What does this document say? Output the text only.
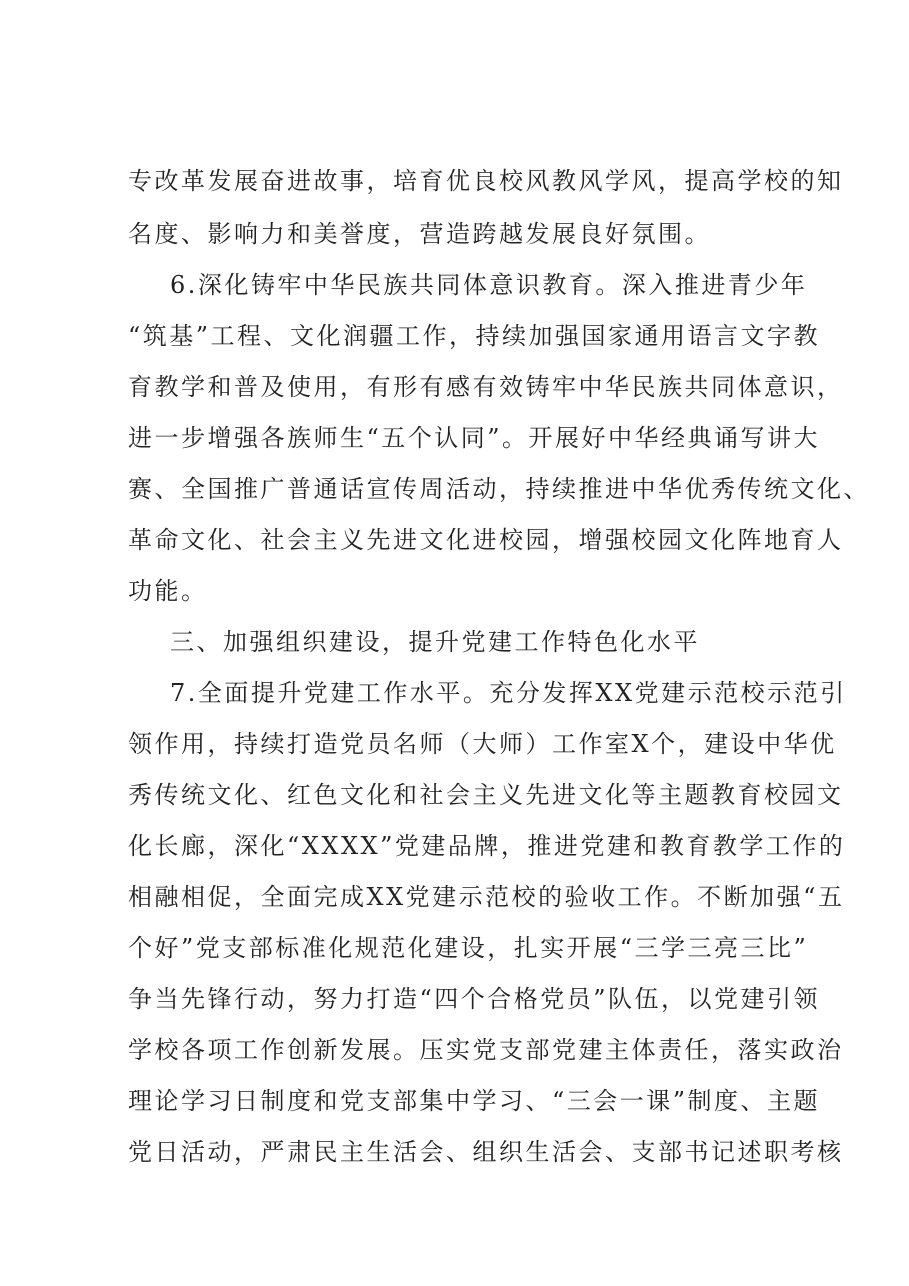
专改革发展奋进故事，培育优良校风教风学风，提高学校的知
名度、影响力和美誉度，营造跨越发展良好氛围。
6.深化铸牢中华民族共同体意识教育。深入推进青少年
“筑基”工程、文化润疆工作，持续加强国家通用语言文字教
育教学和普及使用，有形有感有效铸牢中华民族共同体意识，
进一步增强各族师生“五个认同”。开展好中华经典诵写讲大
赛、全国推广普通话宣传周活动，持续推进中华优秀传统文化、
革命文化、社会主义先进文化进校园，增强校园文化阵地育人
功能。
三、加强组织建设，提升党建工作特色化水平
7.全面提升党建工作水平。充分发挥XX党建示范校示范引
领作用，持续打造党员名师（大师）工作室X个，建设中华优
秀传统文化、红色文化和社会主义先进文化等主题教育校园文
化长廊，深化“XXXX”党建品牌，推进党建和教育教学工作的
相融相促，全面完成XX党建示范校的验收工作。不断加强“五
个好”党支部标准化规范化建设，扎实开展“三学三亮三比”
争当先锋行动，努力打造“四个合格党员”队伍，以党建引领
学校各项工作创新发展。压实党支部党建主体责任，落实政治
理论学习日制度和党支部集中学习、“三会一课”制度、主题
党日活动，严肃民主生活会、组织生活会、支部书记述职考核
